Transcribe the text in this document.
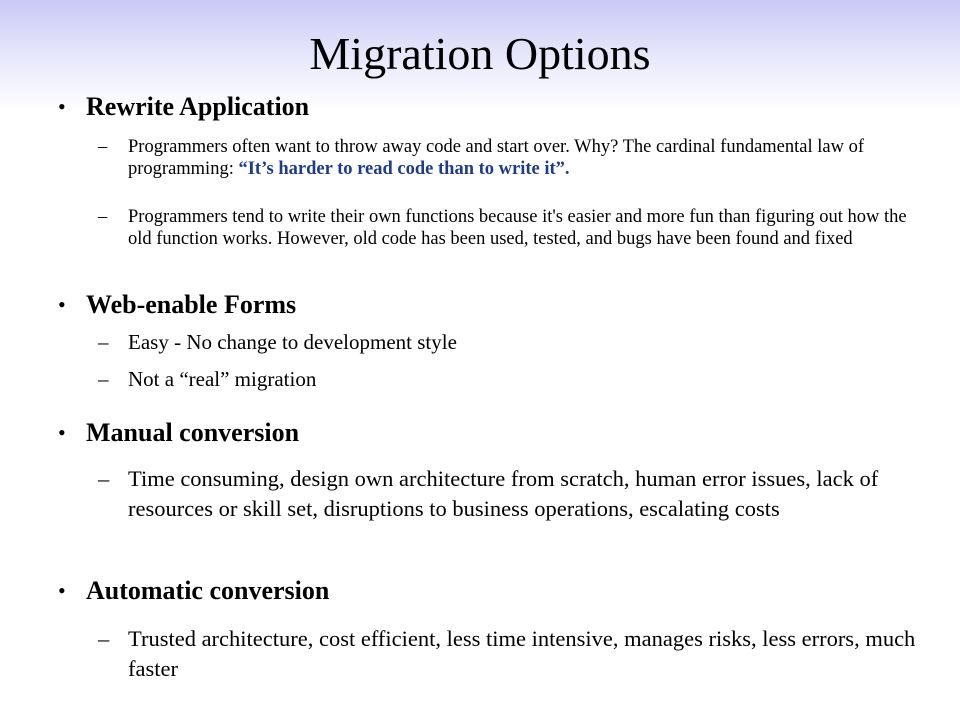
Migration Options
• Rewrite Application
– Programmers often want to throw away code and start over. Why? The cardinal fundamental law of programming: “It’s harder to read code than to write it”.
– Programmers tend to write their own functions because it's easier and more fun than figuring out how the old function works. However, old code has been used, tested, and bugs have been found and fixed
• Web-enable Forms
– Easy - No change to development style
– Not a “real” migration
• Manual conversion
– Time consuming, design own architecture from scratch, human error issues, lack of resources or skill set, disruptions to business operations, escalating costs
• Automatic conversion
– Trusted architecture, cost efficient, less time intensive, manages risks, less errors, much faster
